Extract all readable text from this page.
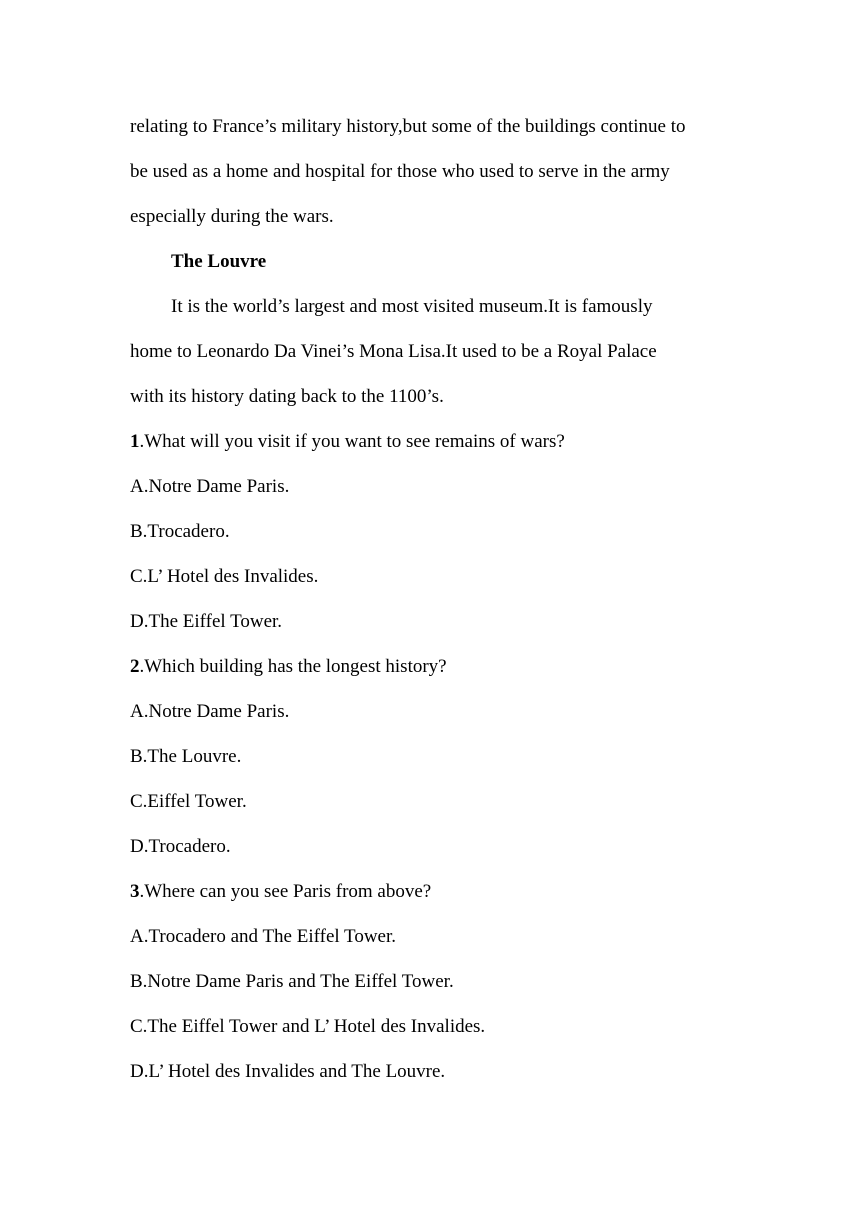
relating to France’s military history,but some of the buildings continue to
be used as a home and hospital for those who used to serve in the army
especially during the wars.
The Louvre
It is the world’s largest and most visited museum.It is famously
home to Leonardo Da Vinei’s Mona Lisa.It used to be a Royal Palace
with its history dating back to the 1100’s.
1.What will you visit if you want to see remains of wars?
A.Notre Dame Paris.
B.Trocadero.
C.L’ Hotel des Invalides.
D.The Eiffel Tower.
2.Which building has the longest history?
A.Notre Dame Paris.
B.The Louvre.
C.Eiffel Tower.
D.Trocadero.
3.Where can you see Paris from above?
A.Trocadero and The Eiffel Tower.
B.Notre Dame Paris and The Eiffel Tower.
C.The Eiffel Tower and L’ Hotel des Invalides.
D.L’ Hotel des Invalides and The Louvre.
